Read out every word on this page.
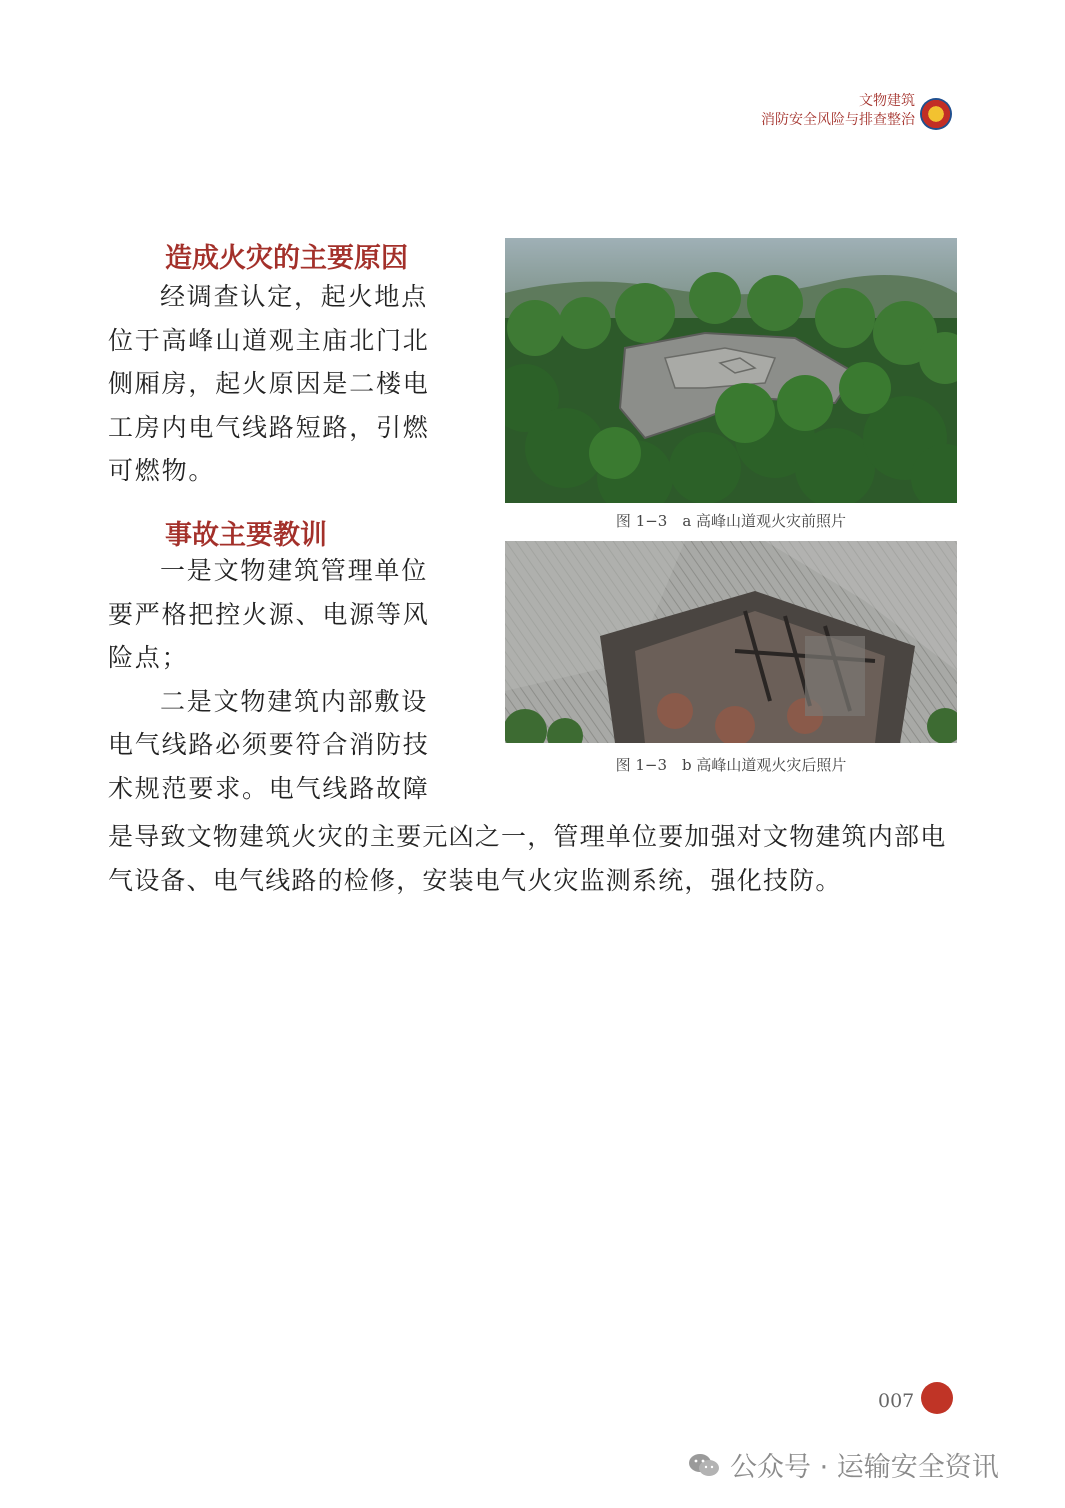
文物建筑
消防安全风险与排查整治
造成火灾的主要原因
经调查认定，起火地点
位于高峰山道观主庙北门北
侧厢房，起火原因是二楼电
工房内电气线路短路，引燃
可燃物。
事故主要教训
一是文物建筑管理单位
要严格把控火源、电源等风
险点；
二是文物建筑内部敷设
电气线路必须要符合消防技
术规范要求。电气线路故障
是导致文物建筑火灾的主要元凶之一，管理单位要加强对文物建筑内部电
气设备、电气线路的检修，安装电气火灾监测系统，强化技防。
图 1−3　a 高峰山道观火灾前照片
图 1−3　b 高峰山道观火灾后照片
007
公众号 · 运输安全资讯
